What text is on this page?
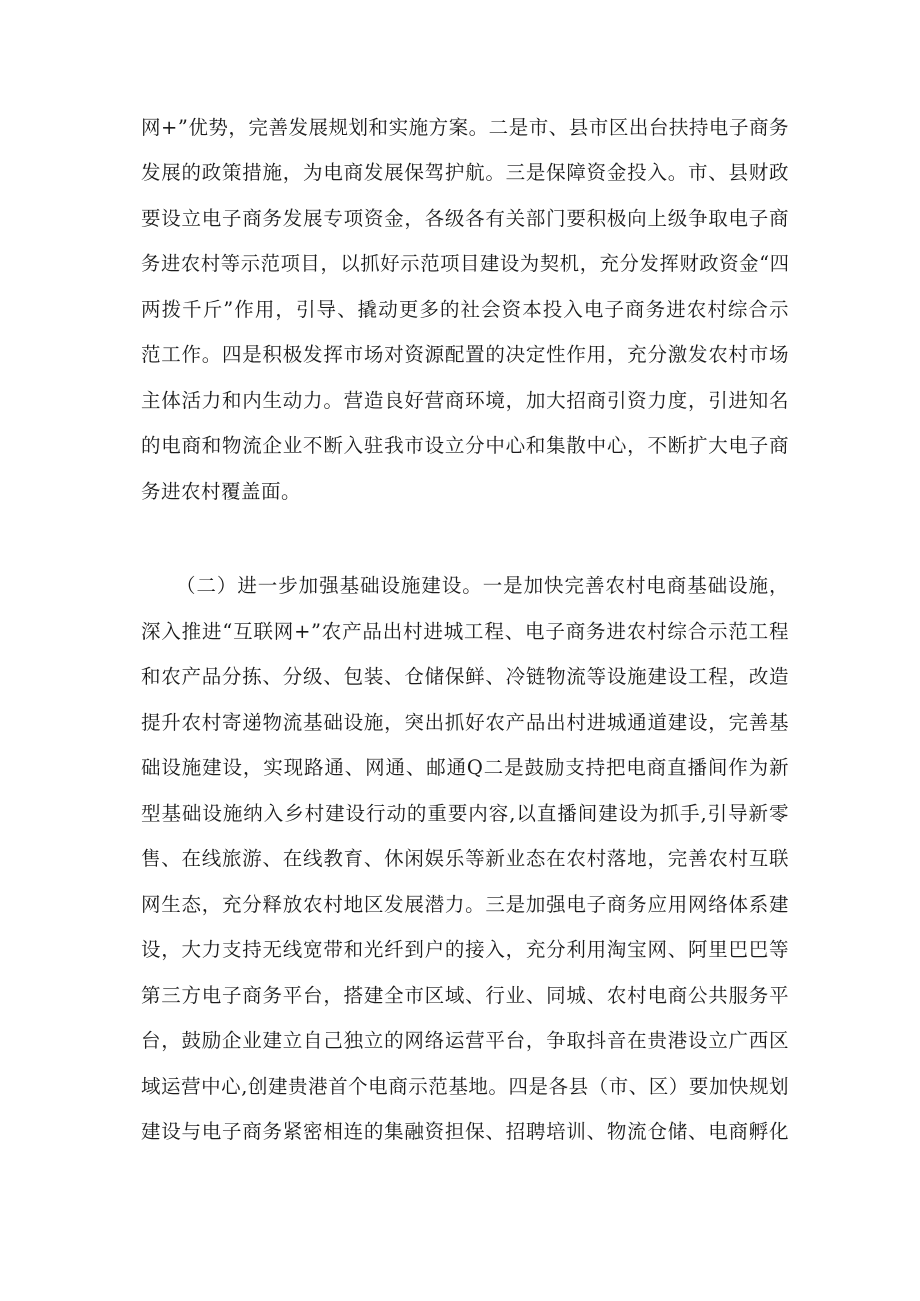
网+”优势，完善发展规划和实施方案。二是市、县市区出台扶持电子商务
发展的政策措施，为电商发展保驾护航。三是保障资金投入。市、县财政
要设立电子商务发展专项资金，各级各有关部门要积极向上级争取电子商
务进农村等示范项目，以抓好示范项目建设为契机，充分发挥财政资金“四
两拨千斤”作用，引导、撬动更多的社会资本投入电子商务进农村综合示
范工作。四是积极发挥市场对资源配置的决定性作用，充分激发农村市场
主体活力和内生动力。营造良好营商环境，加大招商引资力度，引进知名
的电商和物流企业不断入驻我市设立分中心和集散中心，不断扩大电子商
务进农村覆盖面。
（二）进一步加强基础设施建设。一是加快完善农村电商基础设施，
深入推进“互联网+”农产品出村进城工程、电子商务进农村综合示范工程
和农产品分拣、分级、包装、仓储保鲜、冷链物流等设施建设工程，改造
提升农村寄递物流基础设施，突出抓好农产品出村进城通道建设，完善基
础设施建设，实现路通、网通、邮通Q二是鼓励支持把电商直播间作为新
型基础设施纳入乡村建设行动的重要内容,以直播间建设为抓手,引导新零
售、在线旅游、在线教育、休闲娱乐等新业态在农村落地，完善农村互联
网生态，充分释放农村地区发展潜力。三是加强电子商务应用网络体系建
设，大力支持无线宽带和光纤到户的接入，充分利用淘宝网、阿里巴巴等
第三方电子商务平台，搭建全市区域、行业、同城、农村电商公共服务平
台，鼓励企业建立自己独立的网络运营平台，争取抖音在贵港设立广西区
域运营中心,创建贵港首个电商示范基地。四是各县（市、区）要加快规划
建设与电子商务紧密相连的集融资担保、招聘培训、物流仓储、电商孵化
